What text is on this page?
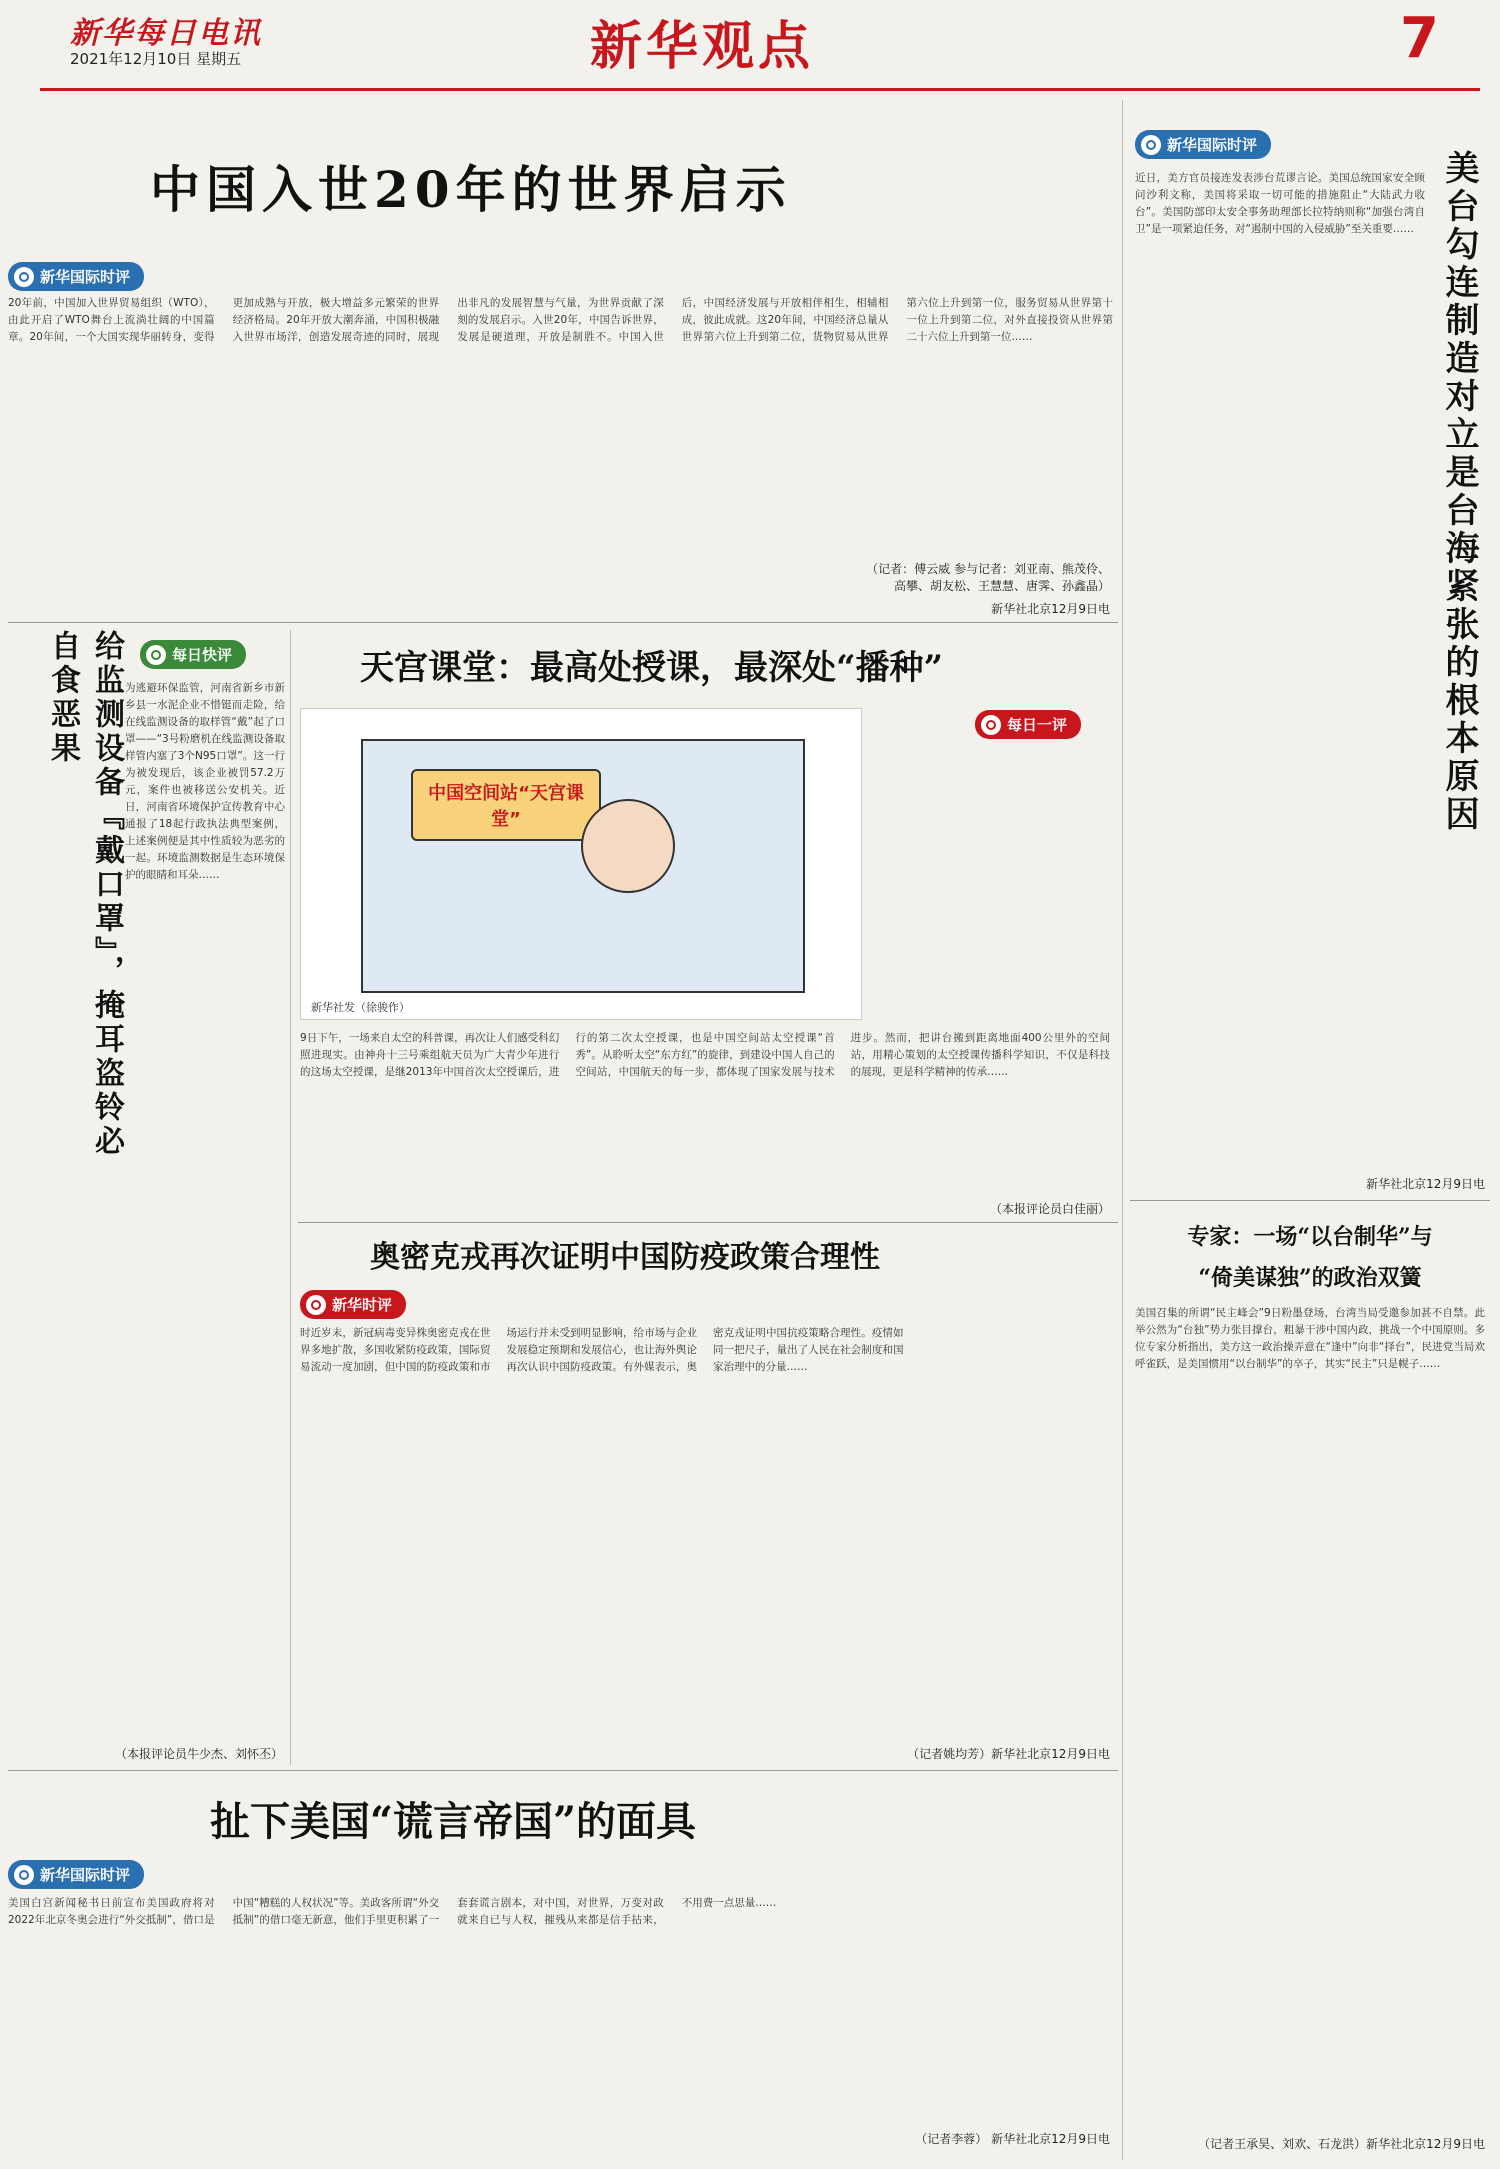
新华每日电讯
2021年12月10日 星期五	新华观点	7
中国入世20年的世界启示
新华国际时评
20年前，中国加入世界贸易组织（WTO），由此开启了WTO舞台上流淌壮阔的中国篇章。20年间，一个大国实现华丽转身，变得更加成熟与开放，极大增益多元繁荣的世界经济格局。20年开放大潮奔涌，中国积极融入世界市场洋，创造发展奇迹的同时，展现出非凡的发展智慧与气量，为世界贡献了深刻的发展启示。入世20年，中国告诉世界，发展是硬道理，开放是制胜不。中国入世后，中国经济发展与开放相伴相生，相辅相成，彼此成就。这20年间，中国经济总量从世界第六位上升到第二位，货物贸易从世界第六位上升到第一位，服务贸易从世界第十一位上升到第二位，对外直接投资从世界第二十六位上升到第一位……
（记者：傅云威 参与记者：刘亚南、熊茂伶、高攀、胡友松、王慧慧、唐霁、孙鑫晶）
新华社北京12月9日电
给监测设备『戴口罩』，掩耳盗铃必自食恶果	每日快评
为逃避环保监管，河南省新乡市新乡县一水泥企业不惜铤而走险，给在线监测设备的取样管“戴”起了口罩——“3号粉磨机在线监测设备取样管内塞了3个N95口罩”。这一行为被发现后，该企业被罚57.2万元，案件也被移送公安机关。近日，河南省环境保护宣传教育中心通报了18起行政执法典型案例，上述案例便是其中性质较为恶劣的一起。环境监测数据是生态环境保护的眼睛和耳朵……
（本报评论员牛少杰、刘怀丕）
天宫课堂：最高处授课，最深处“播种”
中国空间站“天宫课堂”
新华社发（徐骏作）
每日一评
9日下午，一场来自太空的科普课，再次让人们感受科幻照进现实。由神舟十三号乘组航天员为广大青少年进行的这场太空授课，是继2013年中国首次太空授课后，进行的第二次太空授课，也是中国空间站太空授课“首秀”。从聆听太空“东方红”的旋律，到建设中国人自己的空间站，中国航天的每一步，都体现了国家发展与技术进步。然而，把讲台搬到距离地面400公里外的空间站，用精心策划的太空授课传播科学知识，不仅是科技的展现，更是科学精神的传承……
（本报评论员白佳丽）
奥密克戎再次证明中国防疫政策合理性
新华时评
时近岁末，新冠病毒变异株奥密克戎在世界多地扩散，多国收紧防疫政策，国际贸易流动一度加剧，但中国的防疫政策和市场运行并未受到明显影响，给市场与企业发展稳定预期和发展信心，也让海外舆论再次认识中国防疫政策。有外媒表示，奥密克戎证明中国抗疫策略合理性。疫情如同一把尺子，量出了人民在社会制度和国家治理中的分量……
（记者姚均芳）新华社北京12月9日电
扯下美国“谎言帝国”的面具
新华国际时评
美国白宫新闻秘书日前宣布美国政府将对2022年北京冬奥会进行“外交抵制”，借口是中国“糟糕的人权状况”等。美政客所谓“外交抵制”的借口毫无新意，他们手里更积累了一套套谎言剧本，对中国，对世界，万变对政就来自已与人权，摧残从来都是信手拈来，不用费一点思量……
（记者李蓉） 新华社北京12月9日电
新华国际时评
美台勾连制造对立是台海紧张的根本原因
近日，美方官员接连发表涉台荒谬言论。美国总统国家安全顾问沙利文称，美国将采取一切可能的措施阻止“大陆武力收台”。美国防部印太安全事务助理部长拉特纳则称“加强台湾自卫”是一项紧迫任务，对“遏制中国的入侵威胁”至关重要……
新华社北京12月9日电
专家：一场“以台制华”与
“倚美谋独”的政治双簧
美国召集的所谓“民主峰会”9日粉墨登场，台湾当局受邀参加甚不自禁。此举公然为“台独”势力张目撑台，粗暴干涉中国内政，挑战一个中国原则。多位专家分析指出，美方这一政治操弄意在“逢中”向非“择台”，民进党当局欢呼雀跃，是美国惯用“以台制华”的卒子，其实“民主”只是幌子……
（记者王承昊、刘欢、石龙洪）新华社北京12月9日电
